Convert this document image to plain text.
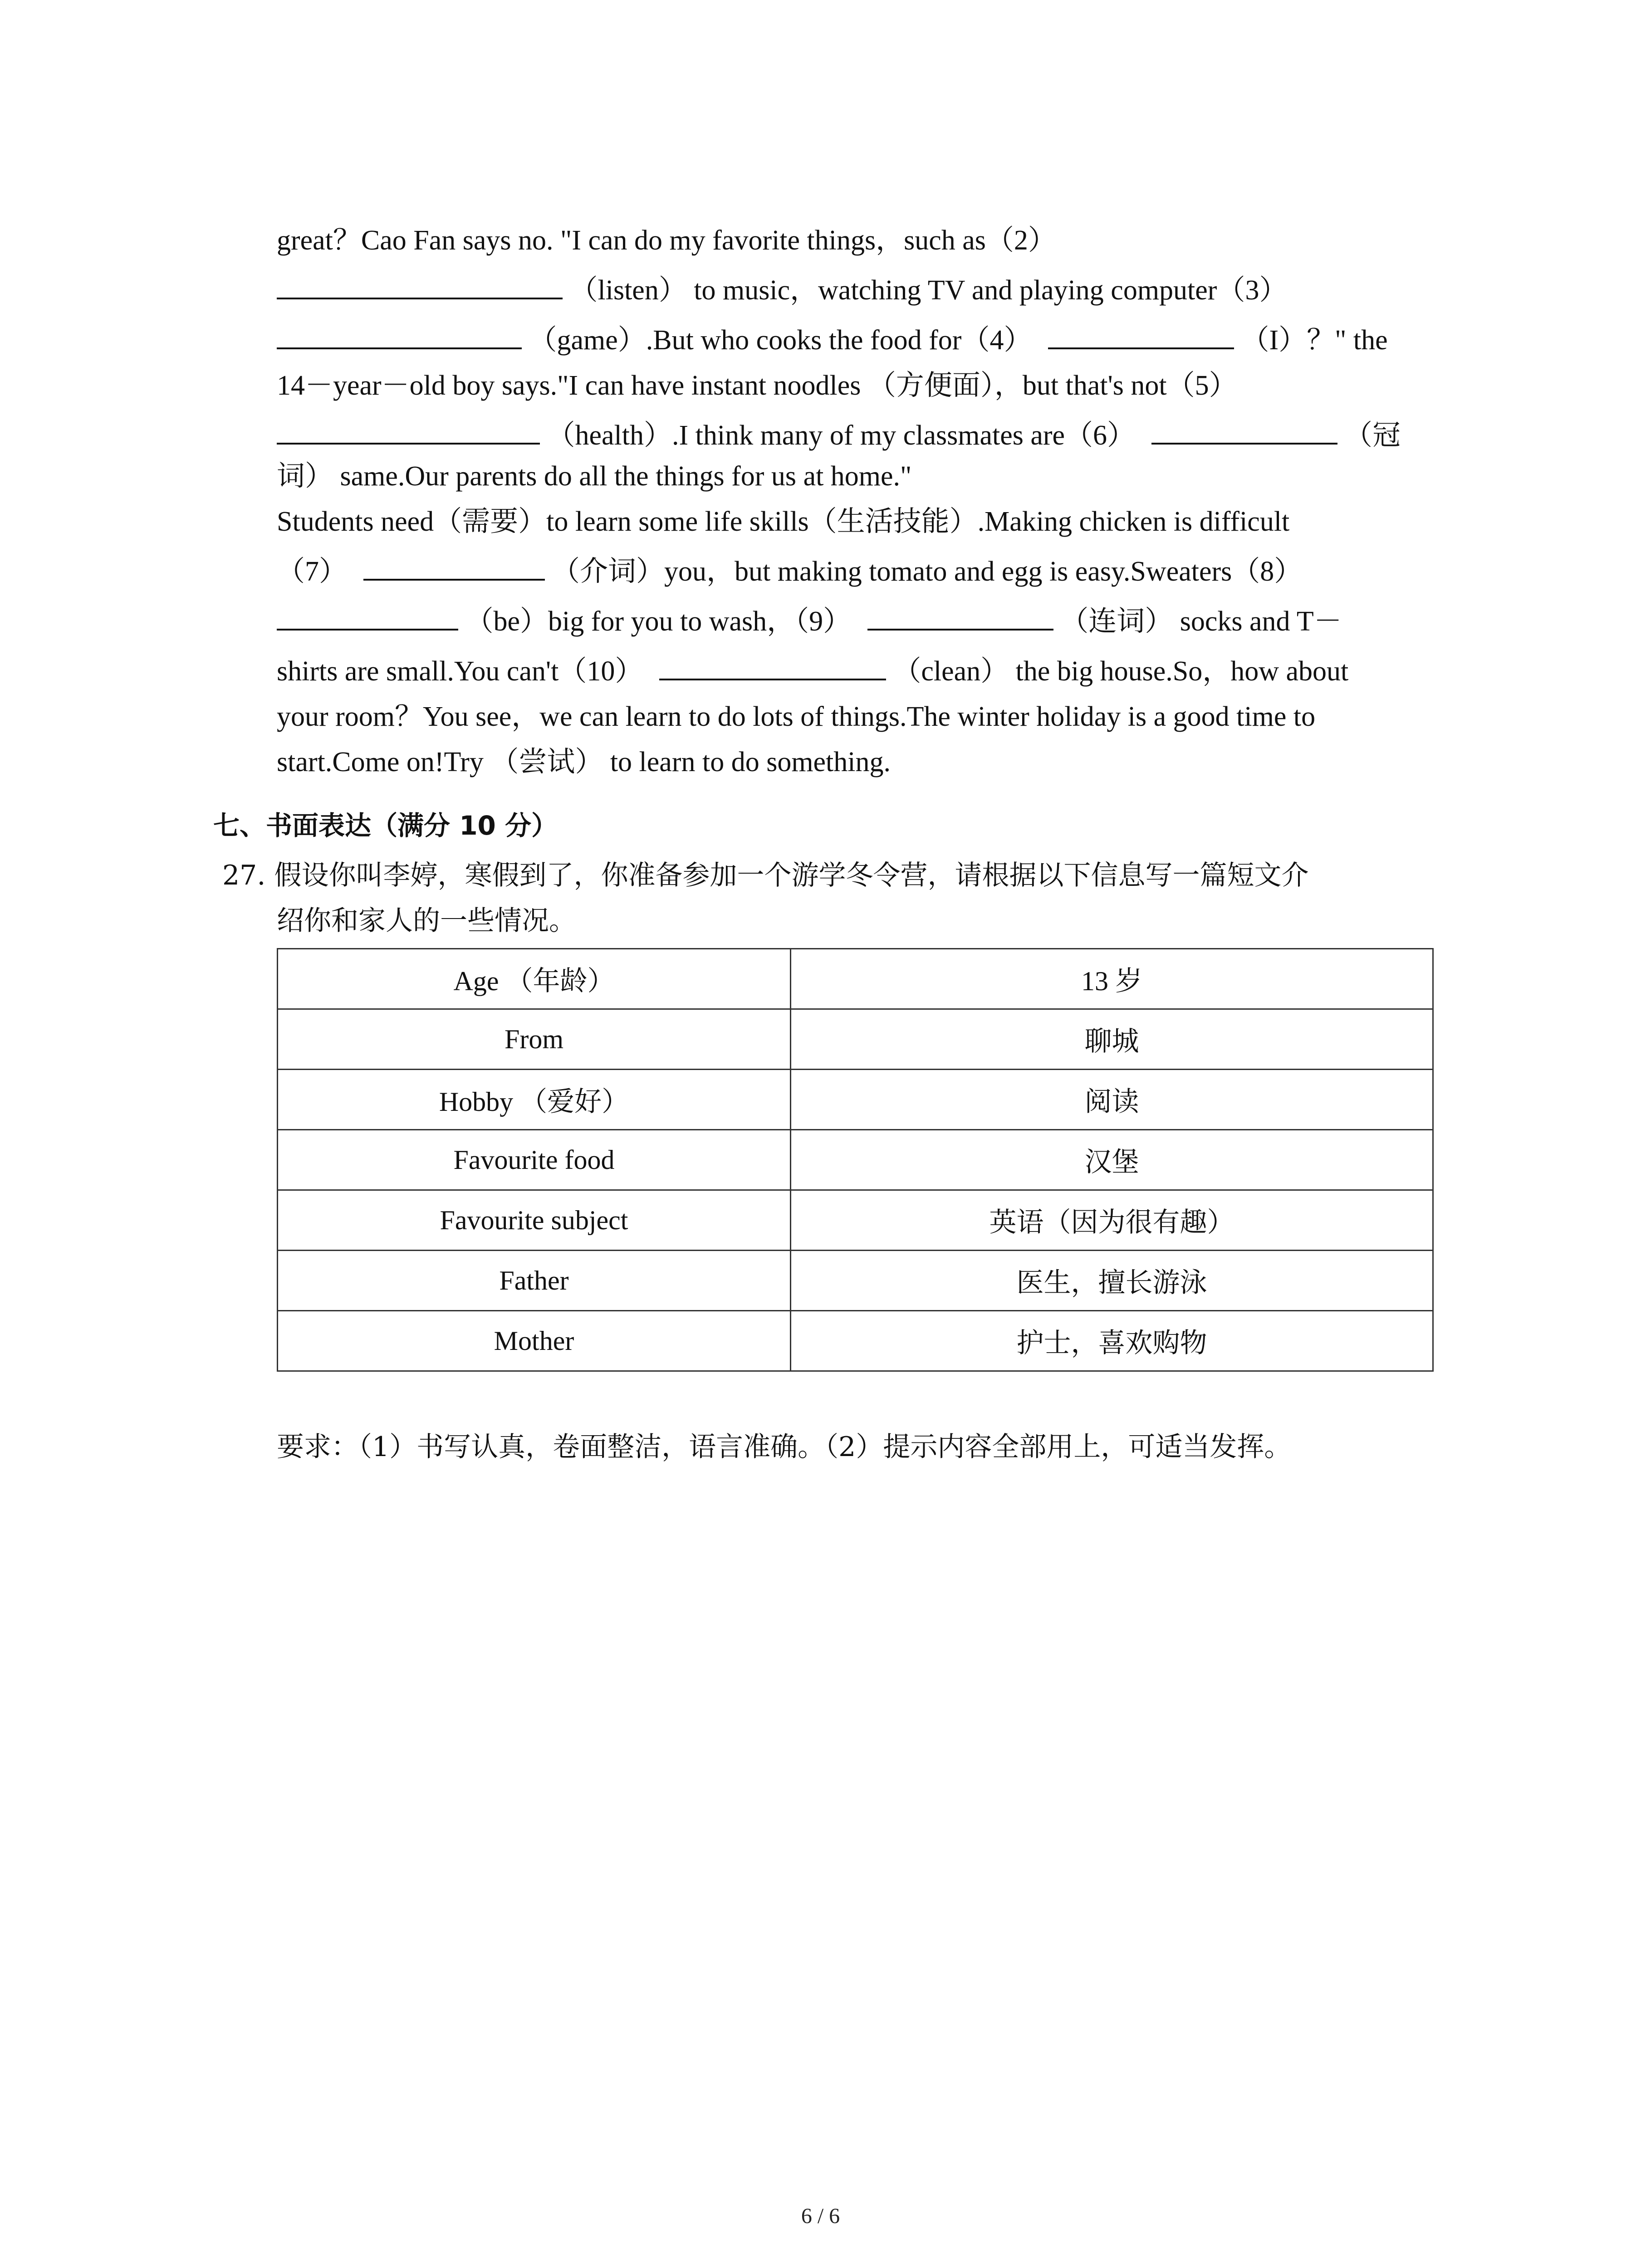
great？Cao Fan says no. "I can do my favorite things，such as（2）
（listen） to music，watching TV and playing computer（3）
（game）.But who cooks the food for（4）	（I）？" the
14－year－old boy says."I can have instant noodles （方便面），but that's not（5）
（health）.I think many of my classmates are（6）	（冠
词） same.Our parents do all the things for us at home."
Students need（需要）to learn some life skills（生活技能）.Making chicken is difficult
（7）	（介词）you，but making tomato and egg is easy.Sweaters（8）
（be）big for you to wash，（9）	（连词） socks and T－
shirts are small.You can't（10）	（clean） the big house.So，how about
your room？You see，we can learn to do lots of things.The winter holiday is a good time to
start.Come on!Try （尝试） to learn to do something.
七、书面表达（满分 10 分）
27. 假设你叫李婷，寒假到了，你准备参加一个游学冬令营，请根据以下信息写一篇短文介
绍你和家人的一些情况。
Age （年龄）	13 岁
From	聊城
Hobby （爱好）	阅读
Favourite food	汉堡
Favourite subject	英语（因为很有趣）
Father	医生，擅长游泳
Mother	护士，喜欢购物
要求：（1）书写认真，卷面整洁，语言准确。（2）提示内容全部用上，可适当发挥。
6 / 6
